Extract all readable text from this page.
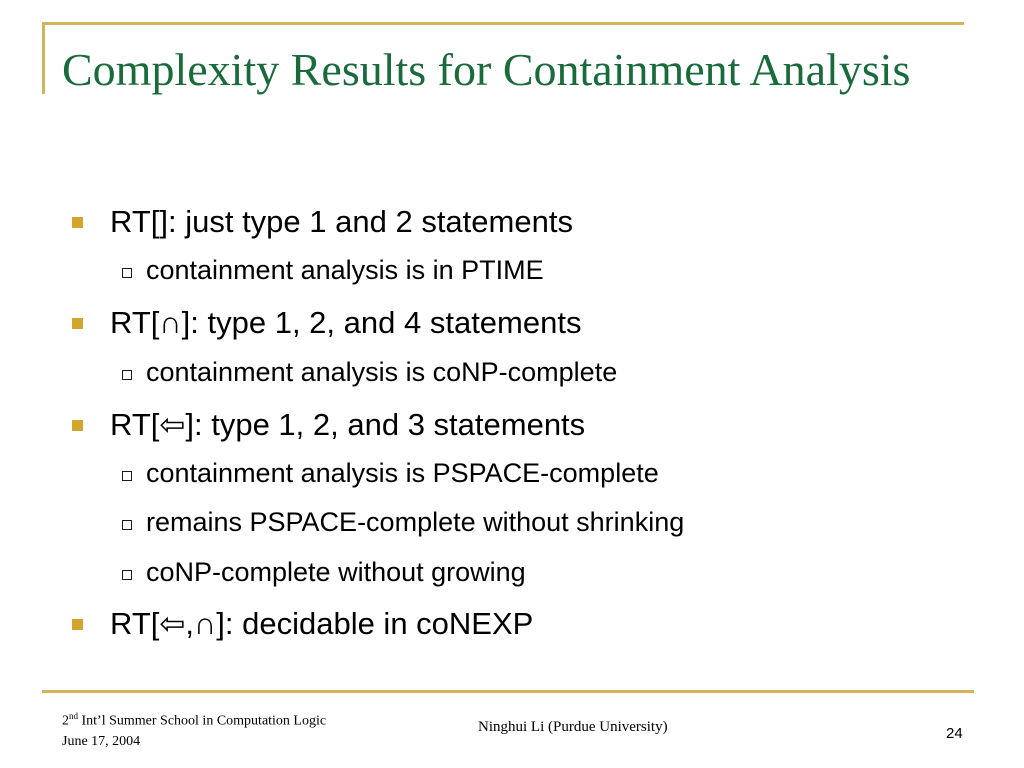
Complexity Results for Containment Analysis
RT[]: just type 1 and 2 statements
containment analysis is in PTIME
RT[ ∩ ]: type 1, 2, and 4 statements
containment analysis is coNP-complete
RT[ ⇦ ]: type 1, 2, and 3 statements
containment analysis is PSPACE-complete
remains PSPACE-complete without shrinking
coNP-complete without growing
RT[ ⇦,∩ ]: decidable in coNEXP
2nd Int’l Summer School in Computation Logic
June 17, 2004
Ninghui Li (Purdue University)	24
